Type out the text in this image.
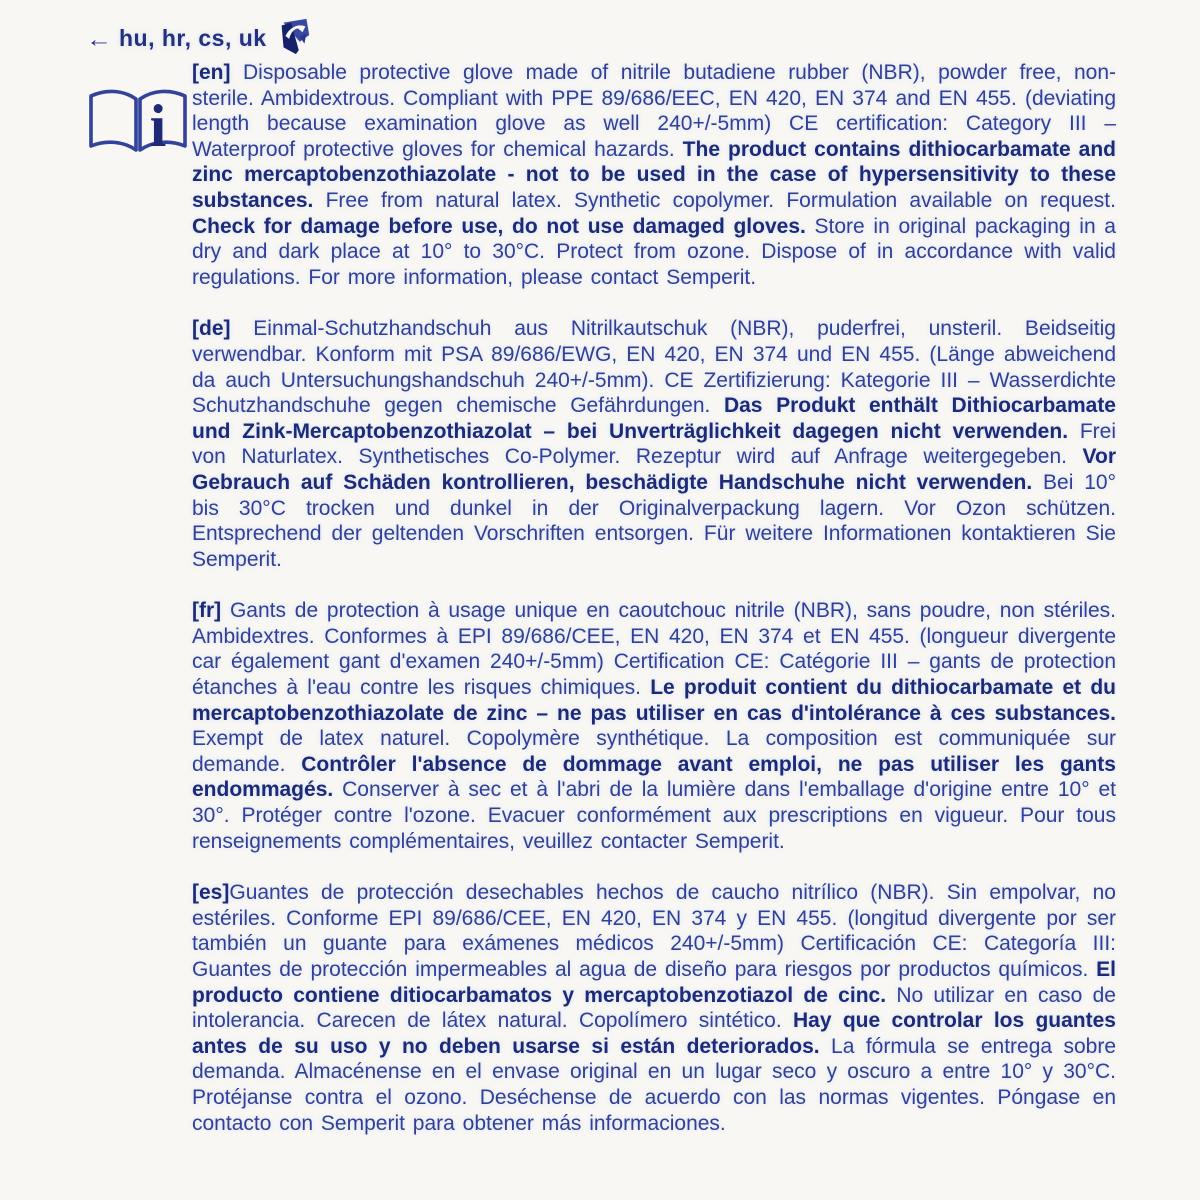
← hu, hr, cs, uk
i

[en] Disposable protective glove made of nitrile butadiene rubber (NBR), powder free, non-sterile. Ambidextrous. Compliant with PPE 89/686/EEC, EN 420, EN 374 and EN 455. (deviating length because examination glove as well 240+/-5mm) CE certification: Category III – Waterproof protective gloves for chemical hazards. The product contains dithiocarbamate and zinc mercaptobenzothiazolate - not to be used in the case of hypersensitivity to these substances. Free from natural latex. Synthetic copolymer. Formulation available on request. Check for damage before use, do not use damaged gloves. Store in original packaging in a dry and dark place at 10° to 30°C. Protect from ozone. Dispose of in accordance with valid regulations. For more information, please contact Semperit.

[de] Einmal-Schutzhandschuh aus Nitrilkautschuk (NBR), puderfrei, unsteril. Beidseitig verwendbar. Konform mit PSA 89/686/EWG, EN 420, EN 374 und EN 455. (Länge abweichend da auch Untersuchungshandschuh 240+/-5mm). CE Zertifizierung: Kategorie III – Wasserdichte Schutzhandschuhe gegen chemische Gefährdungen. Das Produkt enthält Dithiocarbamate und Zink-Mercaptobenzothiazolat – bei Unverträglichkeit dagegen nicht verwenden. Frei von Naturlatex. Synthetisches Co-Polymer. Rezeptur wird auf Anfrage weitergegeben. Vor Gebrauch auf Schäden kontrollieren, beschädigte Handschuhe nicht verwenden. Bei 10° bis 30°C trocken und dunkel in der Originalverpackung lagern. Vor Ozon schützen. Entsprechend der geltenden Vorschriften entsorgen. Für weitere Informationen kontaktieren Sie Semperit.

[fr] Gants de protection à usage unique en caoutchouc nitrile (NBR), sans poudre, non stériles. Ambidextres. Conformes à EPI 89/686/CEE, EN 420, EN 374 et EN 455. (longueur divergente car également gant d'examen 240+/-5mm) Certification CE: Catégorie III – gants de protection étanches à l'eau contre les risques chimiques. Le produit contient du dithiocarbamate et du mercaptobenzothiazolate de zinc – ne pas utiliser en cas d'intolérance à ces substances. Exempt de latex naturel. Copolymère synthétique. La composition est communiquée sur demande. Contrôler l'absence de dommage avant emploi, ne pas utiliser les gants endommagés. Conserver à sec et à l'abri de la lumière dans l'emballage d'origine entre 10° et 30°. Protéger contre l'ozone. Evacuer conformément aux prescriptions en vigueur. Pour tous renseignements complémentaires, veuillez contacter Semperit.

[es]Guantes de protección desechables hechos de caucho nitrílico (NBR). Sin empolvar, no estériles. Conforme EPI 89/686/CEE, EN 420, EN 374 y EN 455. (longitud divergente por ser también un guante para exámenes médicos 240+/-5mm) Certificación CE: Categoría III: Guantes de protección impermeables al agua de diseño para riesgos por productos químicos. El producto contiene ditiocarbamatos y mercaptobenzotiazol de cinc. No utilizar en caso de intolerancia. Carecen de látex natural. Copolímero sintético. Hay que controlar los guantes antes de su uso y no deben usarse si están deteriorados. La fórmula se entrega sobre demanda. Almacénense en el envase original en un lugar seco y oscuro a entre 10° y 30°C. Protéjanse contra el ozono. Deséchense de acuerdo con las normas vigentes. Póngase en contacto con Semperit para obtener más informaciones.
